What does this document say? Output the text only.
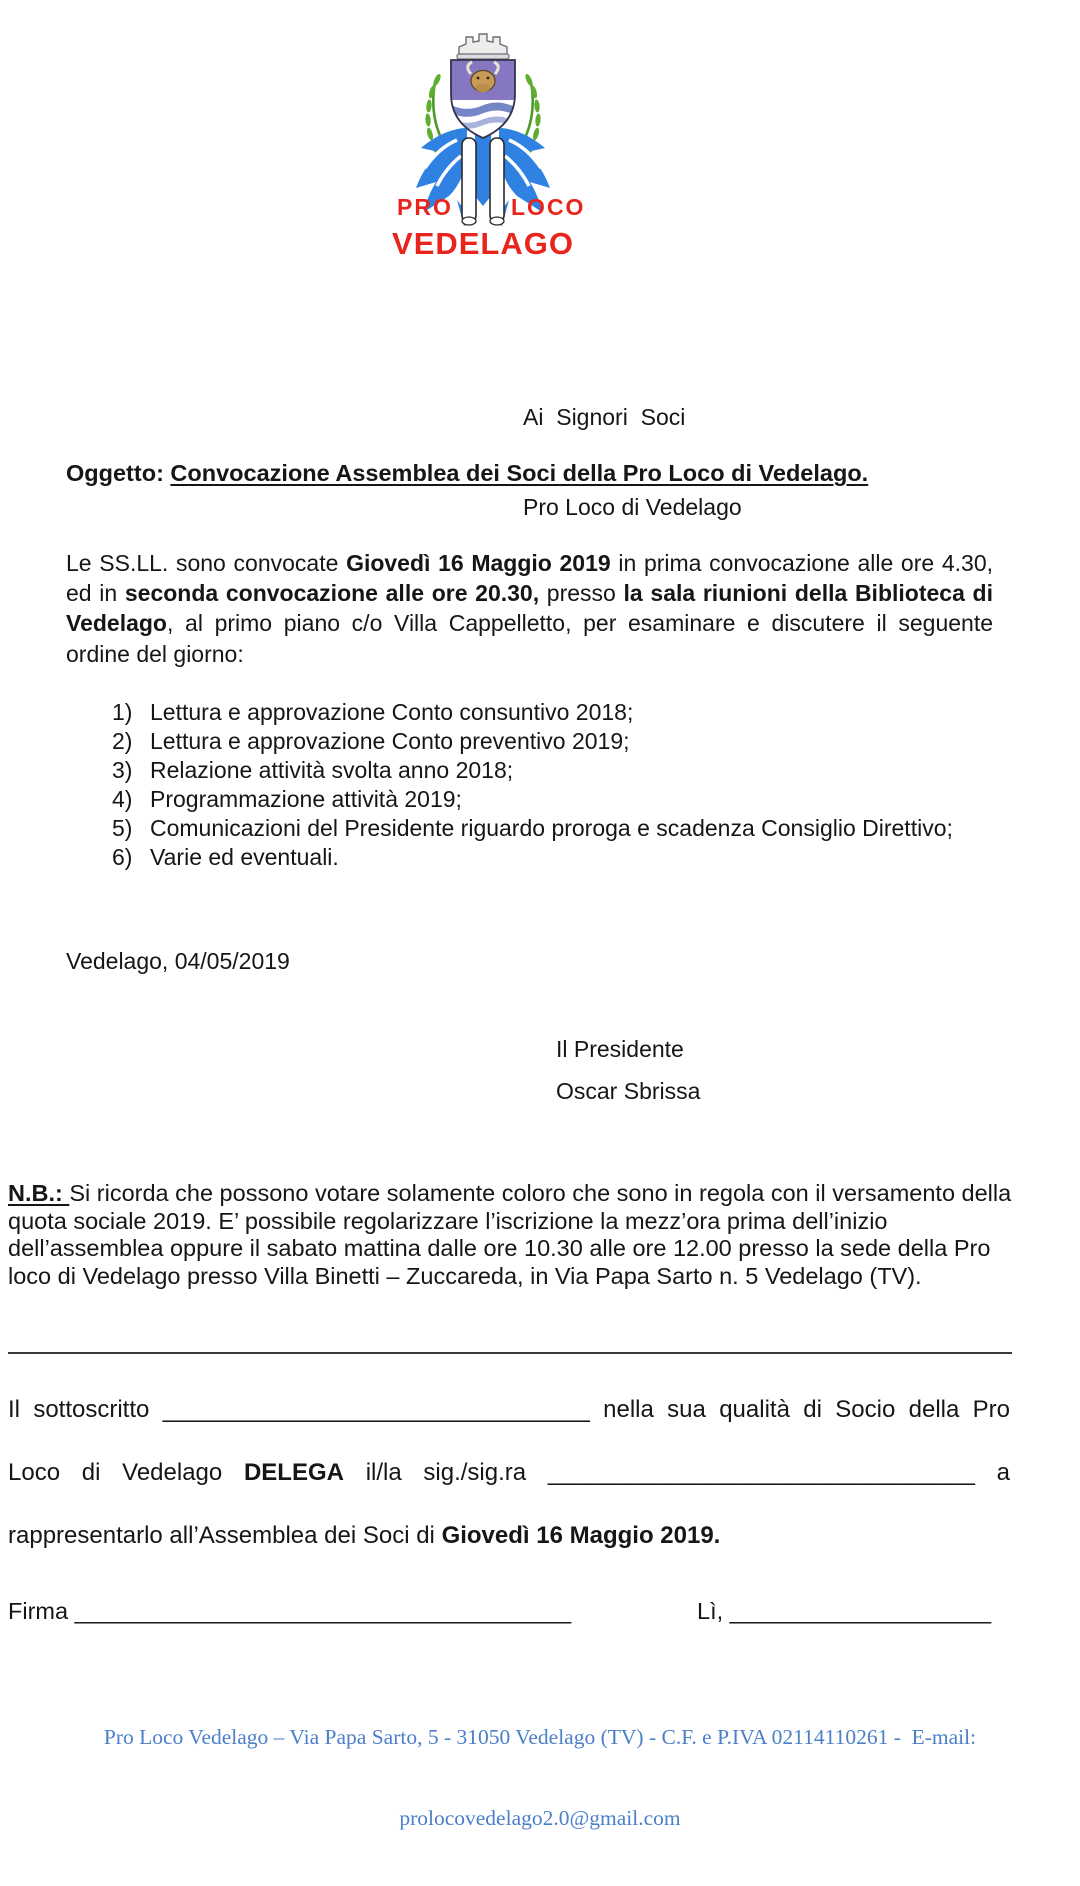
PRO	LOCO
VEDELAGO

Ai  Signori  Soci

Pro Loco di Vedelago

Oggetto: Convocazione Assemblea dei Soci della Pro Loco di Vedelago.
Le SS.LL. sono convocate Giovedì 16 Maggio 2019 in prima convocazione alle ore 4.30, ed in seconda convocazione alle ore 20.30, presso la sala riunioni della Biblioteca di Vedelago, al primo piano c/o Villa Cappelletto, per esaminare e discutere il seguente ordine del giorno:
1) Lettura e approvazione Conto consuntivo 2018;
2) Lettura e approvazione Conto preventivo 2019;
3) Relazione attività svolta anno 2018;
4) Programmazione attività 2019;
5) Comunicazioni del Presidente riguardo proroga e scadenza Consiglio Direttivo;
6) Varie ed eventuali.
Vedelago, 04/05/2019
Il Presidente
Oscar Sbrissa
N.B.: Si ricorda che possono votare solamente coloro che sono in regola con il versamento della quota sociale 2019. E’ possibile regolarizzare l’iscrizione la mezz’ora prima dell’inizio dell’assemblea oppure il sabato mattina dalle ore 10.30 alle ore 12.00 presso la sede della Pro loco di Vedelago presso Villa Binetti – Zuccareda, in Via Papa Sarto n. 5 Vedelago (TV).
Il sottoscritto ________________________________ nella sua qualità di Socio della Pro
Loco di Vedelago DELEGA il/la sig./sig.ra ________________________________ a
rappresentarlo all’Assemblea dei Soci di Giovedì 16 Maggio 2019.
Firma ______________________________________	Lì, ____________________

Pro Loco Vedelago – Via Papa Sarto, 5 - 31050 Vedelago (TV) - C.F. e P.IVA 02114110261 -  E-mail:

prolocovedelago2.0@gmail.com
